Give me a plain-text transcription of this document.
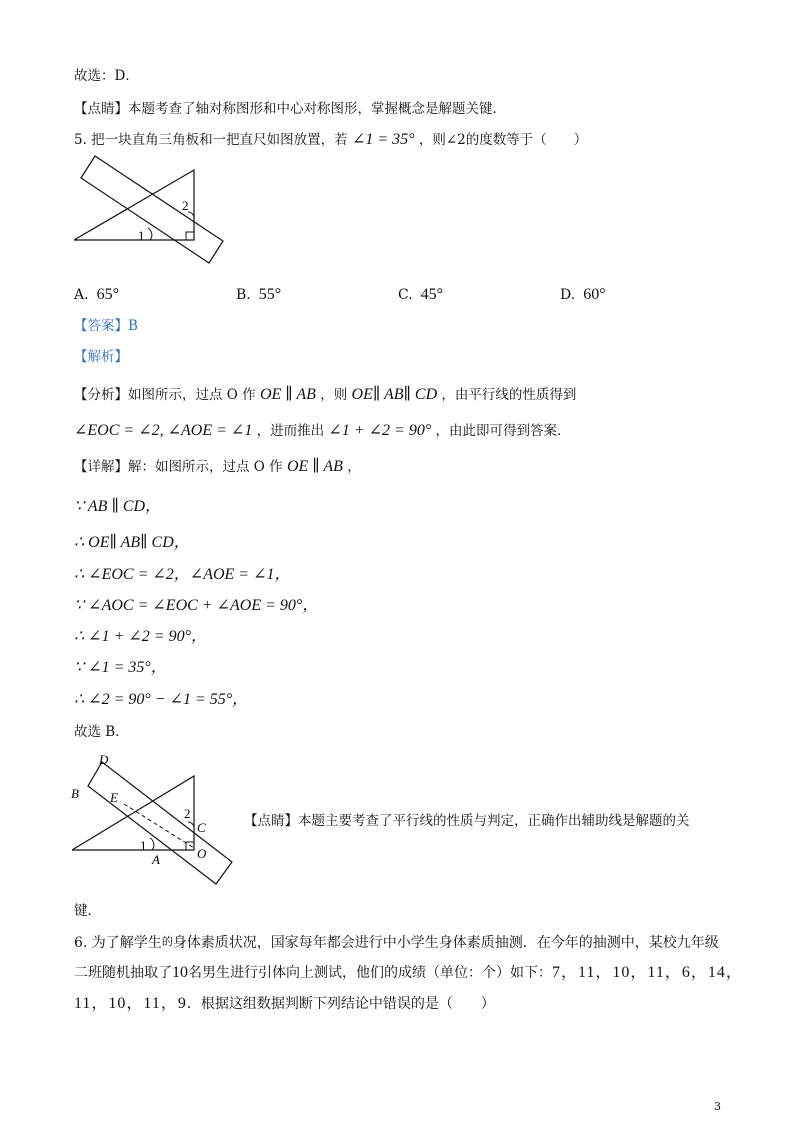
故选：D．
【点睛】本题考查了轴对称图形和中心对称图形，掌握概念是解题关键．
5. 把一块直角三角板和一把直尺如图放置，若 ∠1 = 35° ，则∠2的度数等于（　　）
1
2
A. 65°	B. 55°	C. 45°	D. 60°
【答案】B
【解析】
【分析】如图所示，过点 O 作 OE ∥ AB ，则 OE∥ AB∥ CD ，由平行线的性质得到
∠EOC = ∠2, ∠AOE = ∠1 ，进而推出 ∠1 + ∠2 = 90° ，由此即可得到答案．
【详解】解：如图所示，过点 O 作 OE ∥ AB ，
∵ AB ∥ CD，
∴ OE∥ AB∥ CD，
∴ ∠EOC = ∠2，∠AOE = ∠1，
∵ ∠AOC = ∠EOC + ∠AOE = 90°，
∴ ∠1 + ∠2 = 90°，
∵ ∠1 = 35°，
∴ ∠2 = 90° − ∠1 = 55°，
故选 B．
D
B E
2
C
1
O
A
【点睛】本题主要考查了平行线的性质与判定，正确作出辅助线是解题的关
键．
6. 为了解学生的身体素质状况，国家每年都会进行中小学生身体素质抽测．在今年的抽测中，某校九年级
二班随机抽取了10名男生进行引体向上测试，他们的成绩（单位：个）如下：7，11，10，11，6，14，
11，10，11，9．根据这组数据判断下列结论中错误的是（　　）
3
